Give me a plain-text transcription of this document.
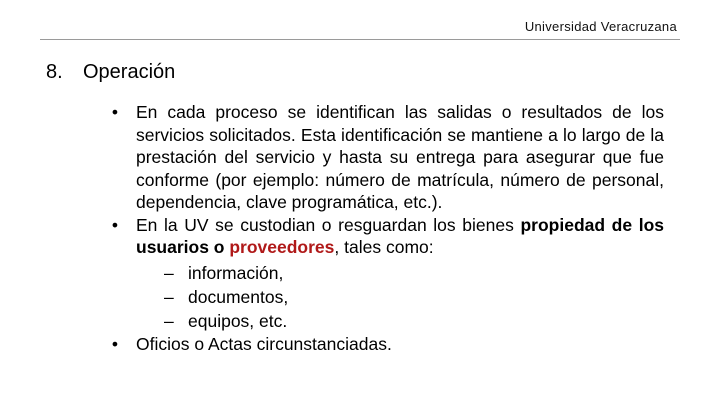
Universidad Veracruzana
8. Operación
• En cada proceso se identifican las salidas o resultados de los servicios solicitados. Esta identificación se mantiene a lo largo de la prestación del servicio y hasta su entrega para asegurar que fue conforme (por ejemplo: número de matrícula, número de personal, dependencia, clave programática, etc.).
• En la UV se custodian o resguardan los bienes propiedad de los usuarios o proveedores, tales como:
– información,
– documentos,
– equipos, etc.
• Oficios o Actas circunstanciadas.
